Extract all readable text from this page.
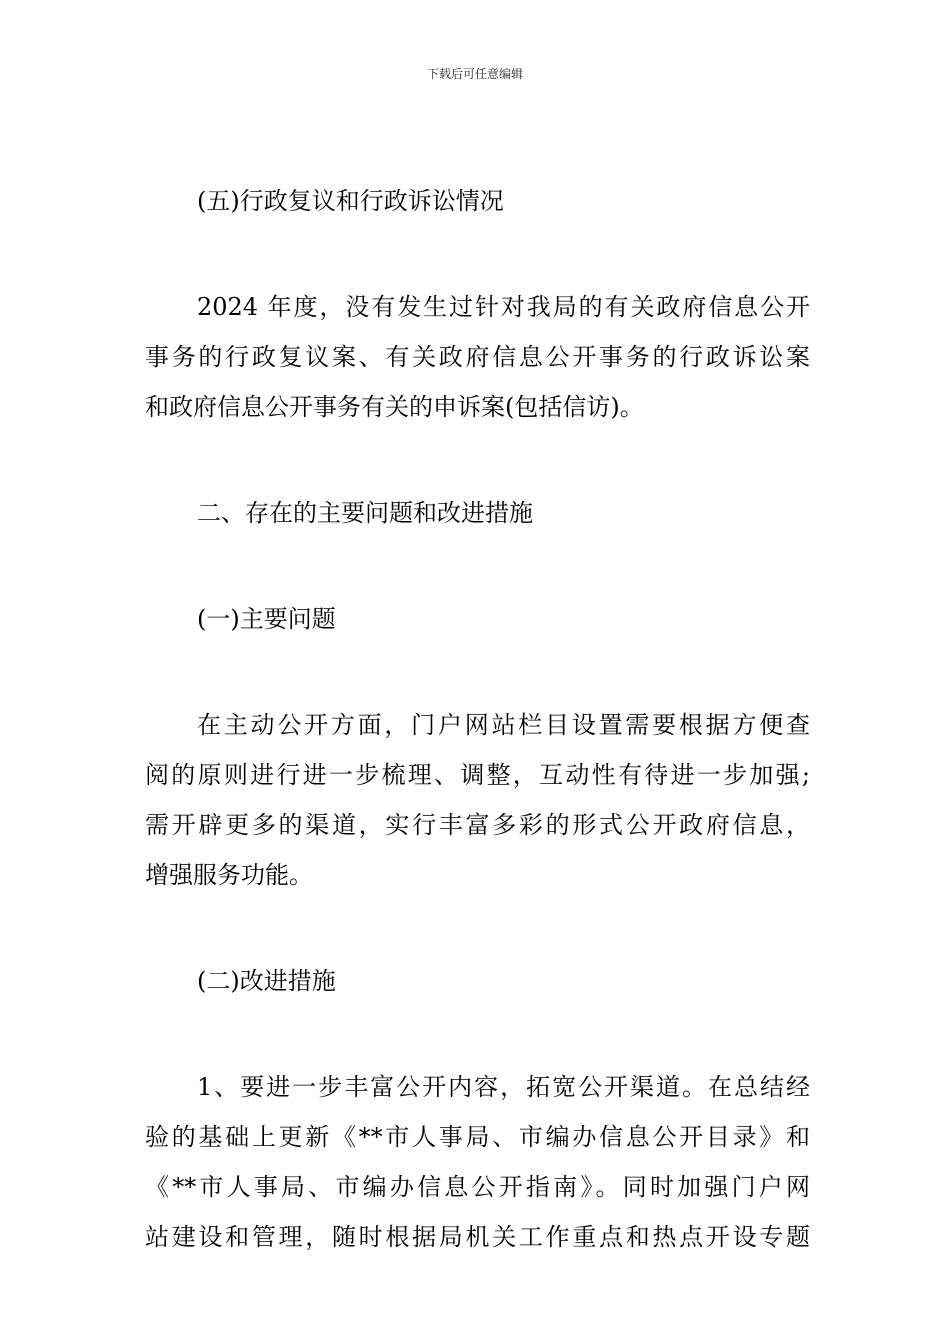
下载后可任意编辑

(五)行政复议和行政诉讼情况

2024 年度，没有发生过针对我局的有关政府信息公开
事务的行政复议案、有关政府信息公开事务的行政诉讼案
和政府信息公开事务有关的申诉案(包括信访)。

二、存在的主要问题和改进措施

(一)主要问题

在主动公开方面，门户网站栏目设置需要根据方便查
阅的原则进行进一步梳理、调整，互动性有待进一步加强;
需开辟更多的渠道，实行丰富多彩的形式公开政府信息，
增强服务功能。

(二)改进措施

1、要进一步丰富公开内容，拓宽公开渠道。在总结经
验的基础上更新《**市人事局、市编办信息公开目录》和
《**市人事局、市编办信息公开指南》。同时加强门户网
站建设和管理，随时根据局机关工作重点和热点开设专题
